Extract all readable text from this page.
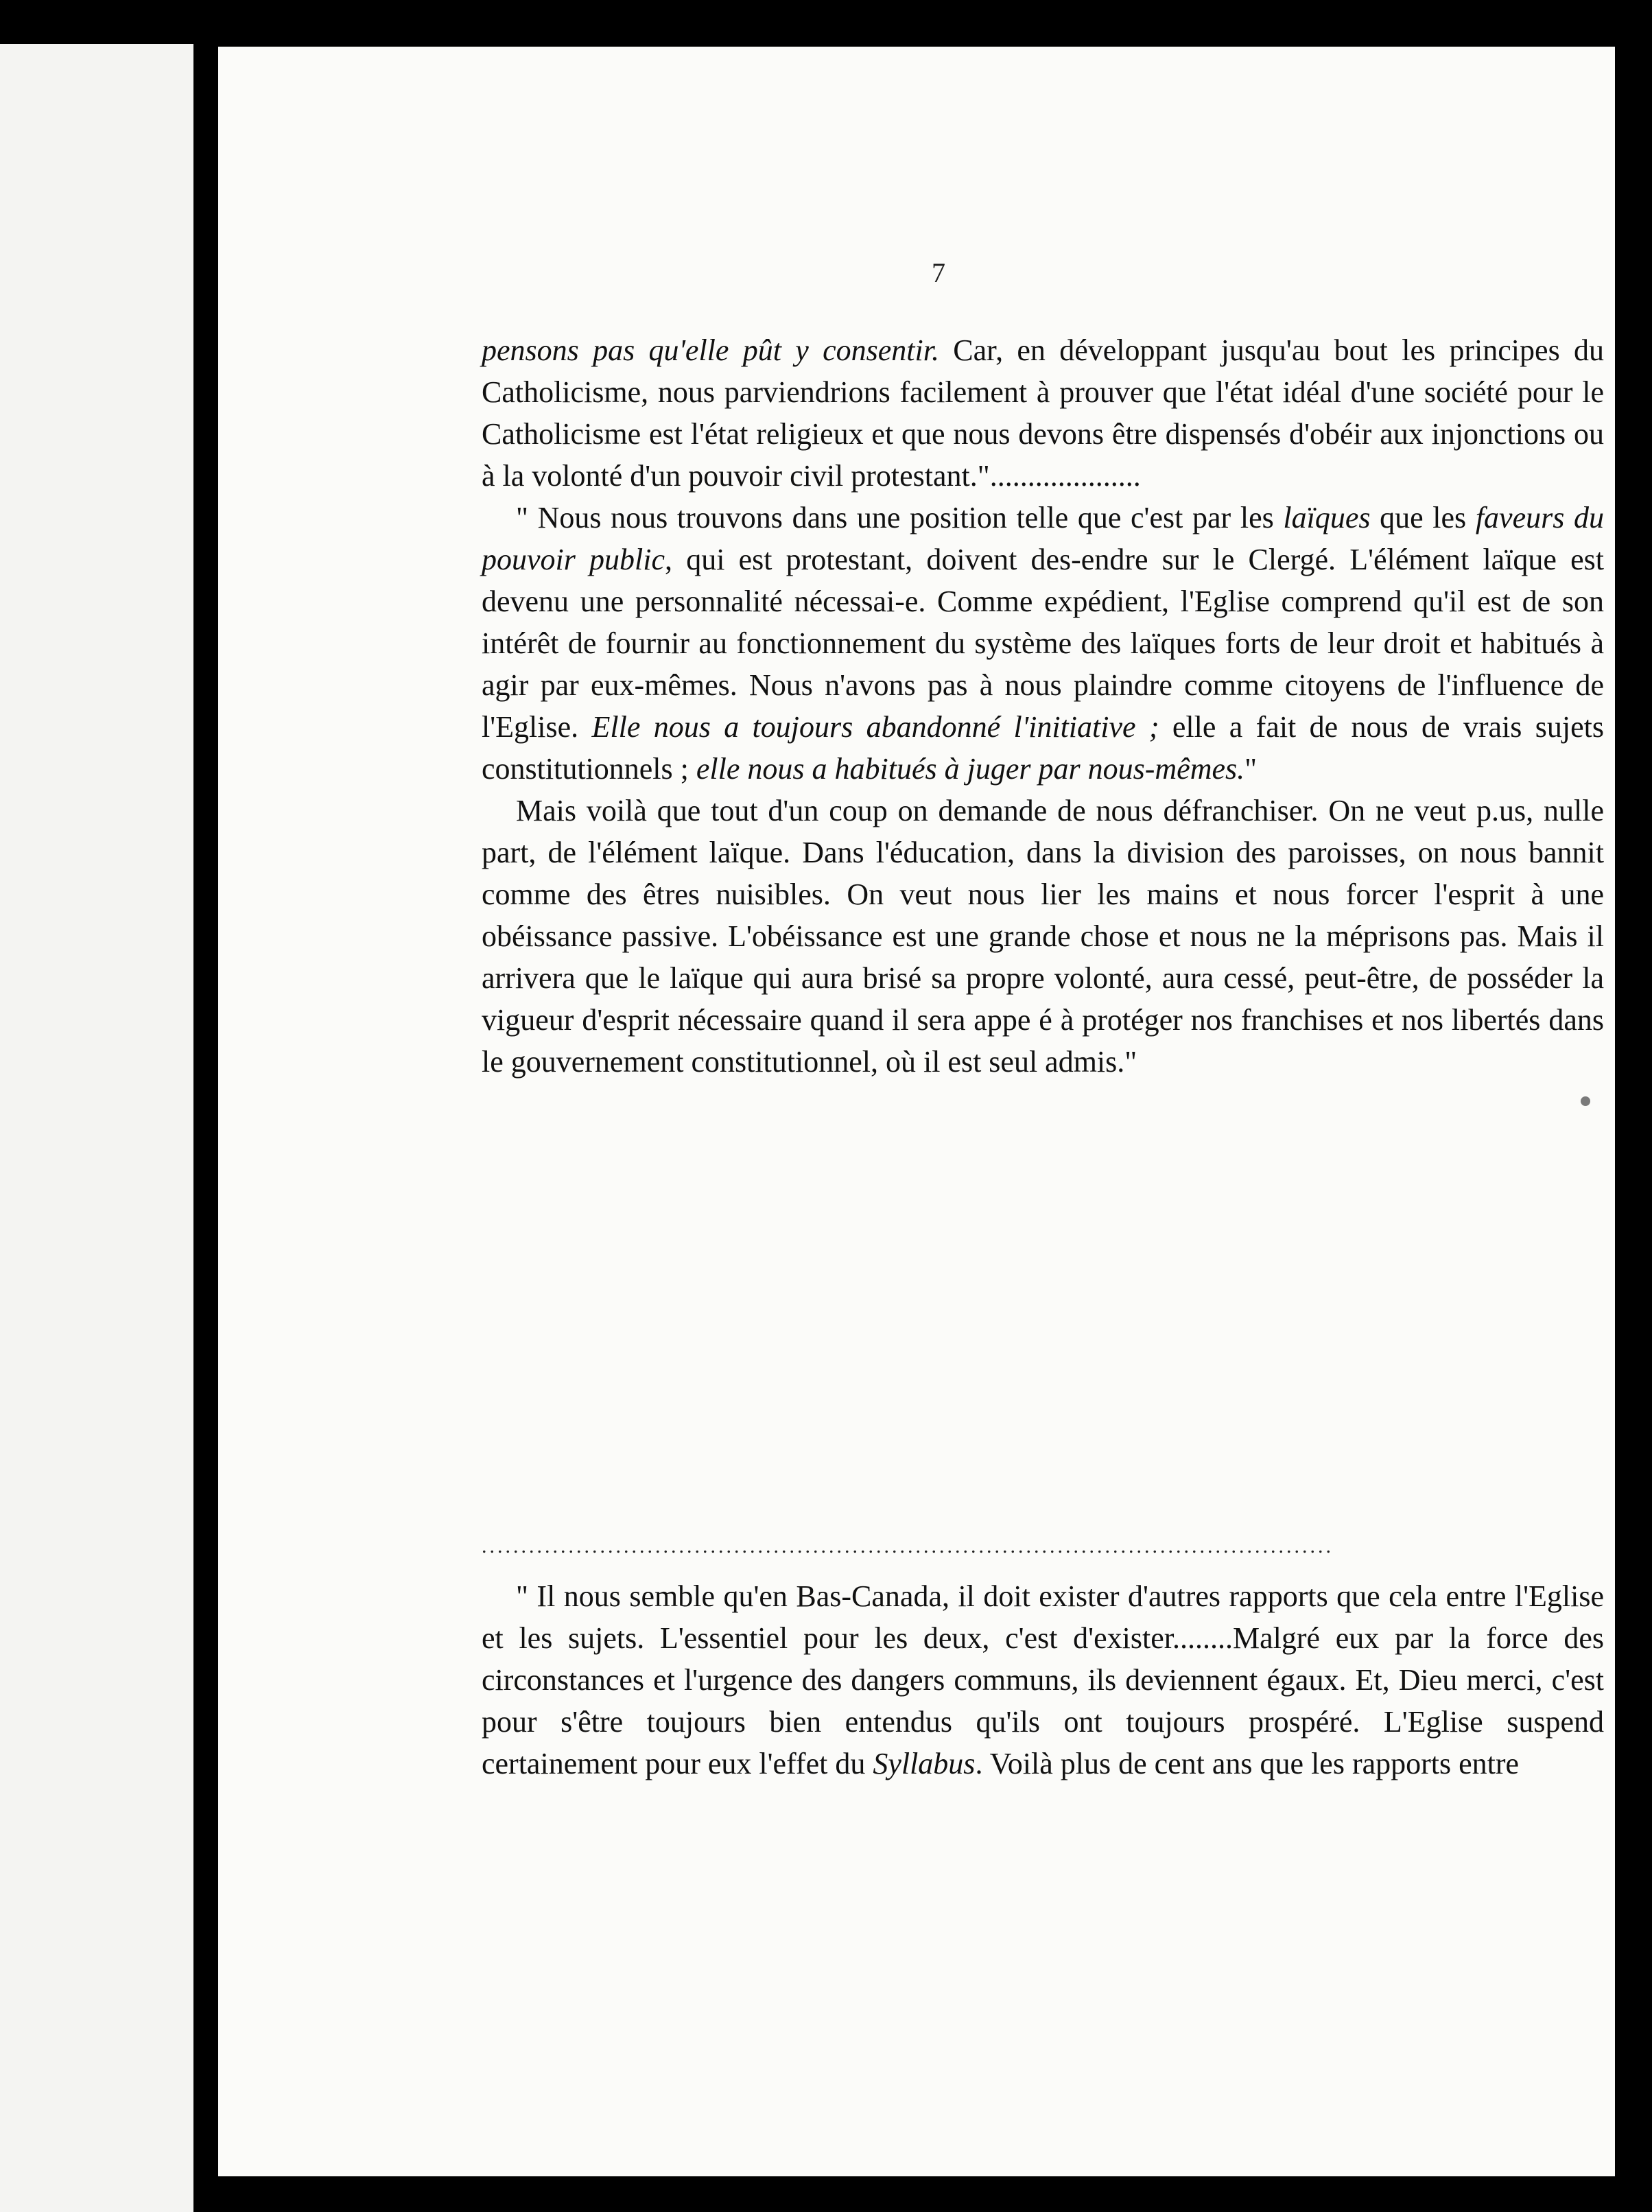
7

pensons pas qu'elle pût y consentir. Car, en développant jusqu'au bout les principes du Catholicisme, nous parviendrions facilement à prouver que l'état idéal d'une société pour le Catholicisme est l'état religieux et que nous devons être dispensés d'obéir aux injonctions ou à la volonté d'un pouvoir civil protestant."....................

" Nous nous trouvons dans une position telle que c'est par les laïques que les faveurs du pouvoir public, qui est protestant, doivent des‑endre sur le Clergé. L'élément laïque est devenu une personnalité nécessai‑e. Comme expédient, l'Eglise comprend qu'il est de son intérêt de fournir au fonctionnement du système des laïques forts de leur droit et habitués à agir par eux-mêmes. Nous n'avons pas à nous plaindre comme citoyens de l'influence de l'Eglise. Elle nous a toujours abandonné l'initiative ; elle a fait de nous de vrais sujets constitutionnels ; elle nous a habitués à juger par nous-mêmes."

Mais voilà que tout d'un coup on demande de nous défranchiser. On ne veut p.us, nulle part, de l'élément laïque. Dans l'éducation, dans la division des paroisses, on nous bannit comme des êtres nuisibles. On veut nous lier les mains et nous forcer l'esprit à une obéissance passive. L'obéissance est une grande chose et nous ne la méprisons pas. Mais il arrivera que le laïque qui aura brisé sa propre volonté, aura cessé, peut-être, de posséder la vigueur d'esprit nécessaire quand il sera appe é à protéger nos franchises et nos libertés dans le gouvernement constitutionnel, où il est seul admis."

............................................................................................................

" Il nous semble qu'en Bas-Canada, il doit exister d'autres rapports que cela entre l'Eglise et les sujets. L'essentiel pour les deux, c'est d'exister........Malgré eux par la force des circonstances et l'urgence des dangers communs, ils deviennent égaux. Et, Dieu merci, c'est pour s'être toujours bien entendus qu'ils ont toujours prospéré. L'Eglise suspend certainement pour eux l'effet du Syllabus. Voilà plus de cent ans que les rapports entre
